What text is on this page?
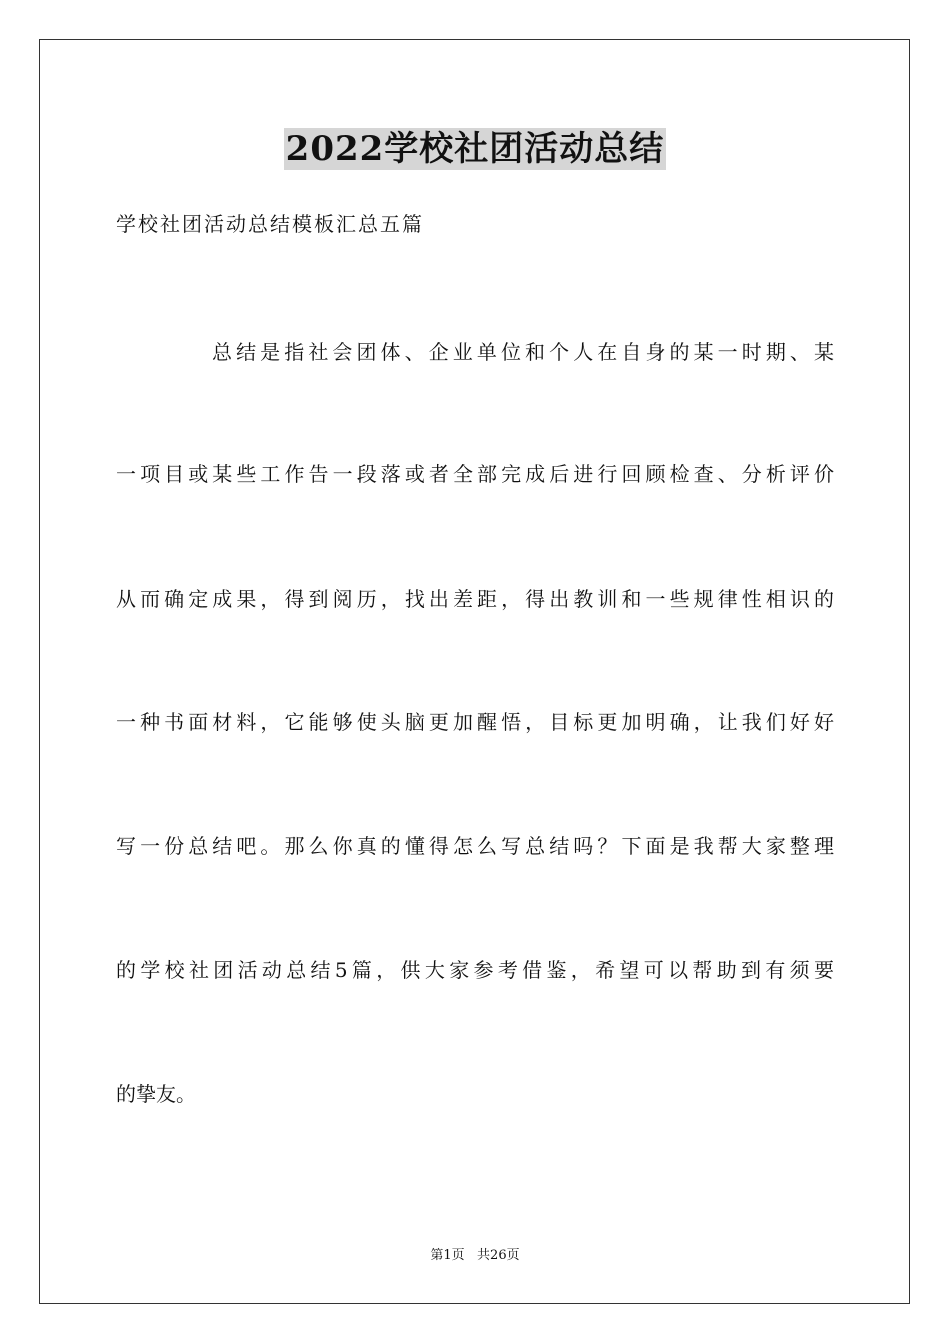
2022学校社团活动总结
学校社团活动总结模板汇总五篇
总结是指社会团体、企业单位和个人在自身的某一时期、某
一项目或某些工作告一段落或者全部完成后进行回顾检查、分析评价
从而确定成果，得到阅历，找出差距，得出教训和一些规律性相识的
一种书面材料，它能够使头脑更加醒悟，目标更加明确，让我们好好
写一份总结吧。那么你真的懂得怎么写总结吗？下面是我帮大家整理
的学校社团活动总结5篇，供大家参考借鉴，希望可以帮助到有须要
的挚友。
第1页   共26页
